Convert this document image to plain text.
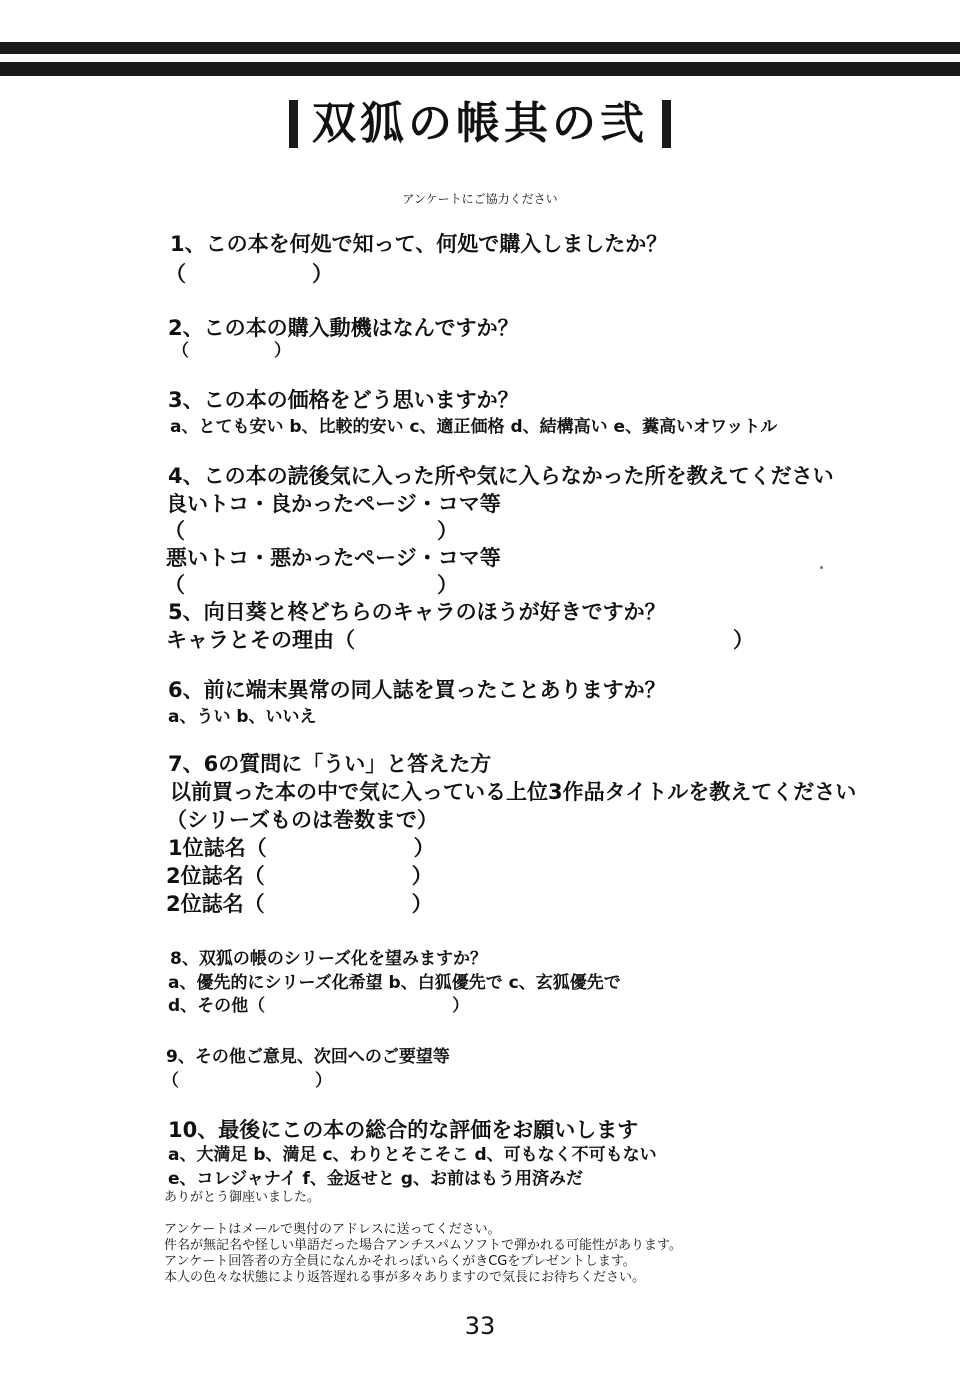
双狐の帳其の弐
アンケートにご協力ください
1、この本を何処で知って、何処で購入しましたか？
（　　　　　　）
2、この本の購入動機はなんですか？
（　　　　　）
3、この本の価格をどう思いますか？
a、とても安い b、比較的安い c、適正価格 d、結構高い e、糞高いオワットル
4、この本の読後気に入った所や気に入らなかった所を教えてください
良いトコ・良かったページ・コマ等
（　　　　　　　　　　　　）
悪いトコ・悪かったページ・コマ等
（　　　　　　　　　　　　）
5、向日葵と柊どちらのキャラのほうが好きですか？
キャラとその理由（　　　　　　　　　　　　　　　　　　）
6、前に端末異常の同人誌を買ったことありますか？
a、うい b、いいえ
7、6の質問に「うい」と答えた方
以前買った本の中で気に入っている上位3作品タイトルを教えてください
（シリーズものは巻数まで）
1位誌名（　　　　　　　）
2位誌名（　　　　　　　）
2位誌名（　　　　　　　）
8、双狐の帳のシリーズ化を望みますか？
a、優先的にシリーズ化希望 b、白狐優先で c、玄狐優先で
d、その他（　　　　　　　　　　　）
9、その他ご意見、次回へのご要望等
（　　　　　　　　）
10、最後にこの本の総合的な評価をお願いします
a、大満足 b、満足 c、わりとそこそこ d、可もなく不可もない
e、コレジャナイ f、金返せと g、お前はもう用済みだ
ありがとう御座いました。
アンケートはメールで奥付のアドレスに送ってください。
件名が無記名や怪しい単語だった場合アンチスパムソフトで弾かれる可能性があります。
アンケート回答者の方全員になんかそれっぽいらくがきCGをプレゼントします。
本人の色々な状態により返答遅れる事が多々ありますので気長にお待ちください。
33
